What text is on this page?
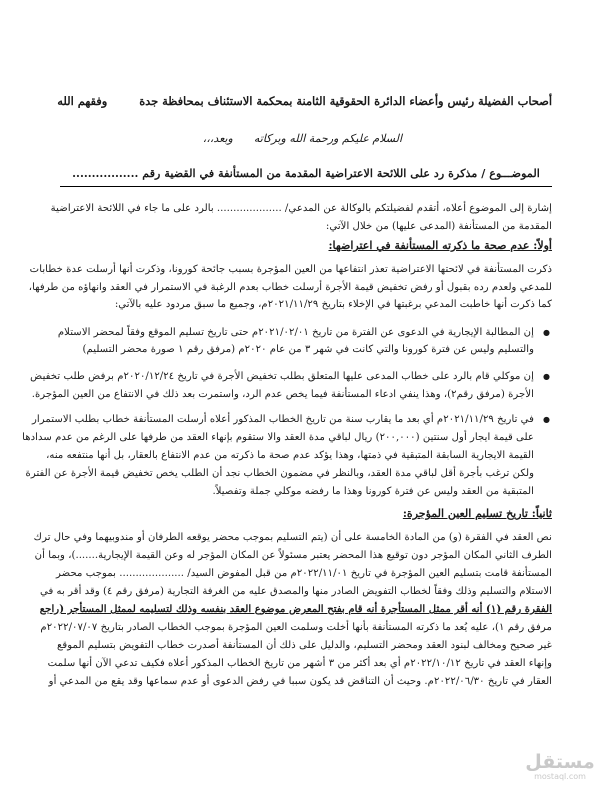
أصحاب الفضيلة رئيس وأعضاء الدائرة الحقوقية الثامنة بمحكمة الاستئناف بمحافظة جدة  وفقهم الله
السلام عليكم ورحمة الله وبركاته  وبعد،،،
الموضـــوع / مذكرة رد على اللائحة الاعتراضية المقدمة من المستأنفة في القضية رقم .................
إشارة إلى الموضوع أعلاه، أتقدم لفضيلتكم بالوكالة عن المدعي/ .................... بالرد على ما جاء في اللائحة الاعتراضية
المقدمة من المستأنفة (المدعى عليها) من خلال الآتي:
أولاً: عدم صحة ما ذكرته المستأنفة في اعتراضها:
ذكرت المستأنفة في لائحتها الاعتراضية تعذر انتفاعها من العين المؤجرة بسبب جائحة كورونا، وذكرت أنها أرسلت عدة خطابات
للمدعي ولعدم رده بقبول أو رفض تخفيض قيمة الأجرة أرسلت خطاب بعدم الرغبة في الاستمرار في العقد وانهاؤه من طرفها،
كما ذكرت أنها خاطبت المدعي برغبتها في الإخلاء بتاريخ ٢٠٢١/١١/٢٩م، وجميع ما سبق مردود عليه بالآتي:
●
إن المطالبة الإيجارية في الدعوى عن الفترة من تاريخ ٢٠٢١/٠٢/٠١م حتى تاريخ تسليم الموقع وفقاً لمحضر الاستلام
والتسليم وليس عن فترة كورونا والتي كانت في شهر ٣ من عام ٢٠٢٠م (مرفق رقم ١ صورة محضر التسليم)
●
إن موكلي قام بالرد على خطاب المدعى عليها المتعلق بطلب تخفيض الأجرة في تاريخ ٢٠٢٠/١٢/٢٤م برفض طلب تخفيض
الأجرة (مرفق رقم٢)، وهذا ينفي ادعاء المستأنفة فيما يخص عدم الرد، واستمرت بعد ذلك في الانتفاع من العين المؤجرة.
●
في تاريخ ٢٠٢١/١١/٢٩م أي بعد ما يقارب سنة من تاريخ الخطاب المذكور أعلاه أرسلت المستأنفة خطاب بطلب الاستمرار
على قيمة ايجار أول سنتين (٢٠٠,٠٠٠) ريال لباقي مدة العقد والا ستقوم بإنهاء العقد من طرفها على الرغم من عدم سدادها
القيمة الايجارية السابقة المتبقية في ذمتها، وهذا يؤكد عدم صحة ما ذكرته من عدم الانتفاع بالعقار، بل أنها منتفعه منه،
ولكن ترغب بأجرة أقل لباقي مدة العقد، وبالنظر في مضمون الخطاب نجد أن الطلب يخص تخفيض قيمة الأجرة عن الفترة
المتبقية من العقد وليس عن فترة كورونا وهذا ما رفضه موكلي جملة وتفصيلاً.
ثانياً: تاريخ تسليم العين المؤجرة:
نص العقد في الفقرة (و) من المادة الخامسة على أن (يتم التسليم بموجب محضر يوقعه الطرفان أو مندوبيهما وفي حال ترك
الطرف الثاني المكان المؤجر دون توقيع هذا المحضر يعتبر مسئولاً عن المكان المؤجر له وعن القيمة الإيجارية.......)، وبما أن
المستأنفة قامت بتسليم العين المؤجرة في تاريخ ٢٠٢٢/١١/٠١م من قبل المفوض السيد/ .................... بموجب محضر
الاستلام والتسليم وذلك وفقاً لخطاب التفويض الصادر منها والمصدق عليه من الغرفة التجارية (مرفق رقم ٤) وقد أقر به في
الفقرة رقم (١) أنه أقر ممثل المستأجرة أنه قام بفتح المعرض موضوع العقد بنفسه وذلك لتسليمه لممثل المستأجر (راجع
مرفق رقم ١)، عليه يُعد ما ذكرته المستأنفة بأنها أخلت وسلمت العين المؤجرة بموجب الخطاب الصادر بتاريخ ٢٠٢٢/٠٧/٠٧م
غير صحيح ومخالف لبنود العقد ومحضر التسليم، والدليل على ذلك أن المستأنفة أصدرت خطاب التفويض بتسليم الموقع
وإنهاء العقد في تاريخ ٢٠٢٢/١٠/١٢م أي بعد أكثر من ٣ أشهر من تاريخ الخطاب المذكور أعلاه فكيف تدعي الآن أنها سلمت
العقار في تاريخ ٢٠٢٢/٠٦/٣٠م. وحيث أن التناقض قد يكون سببا في رفض الدعوى أو عدم سماعها وقد يقع من المدعي أو
مستقل
mostaql.com
